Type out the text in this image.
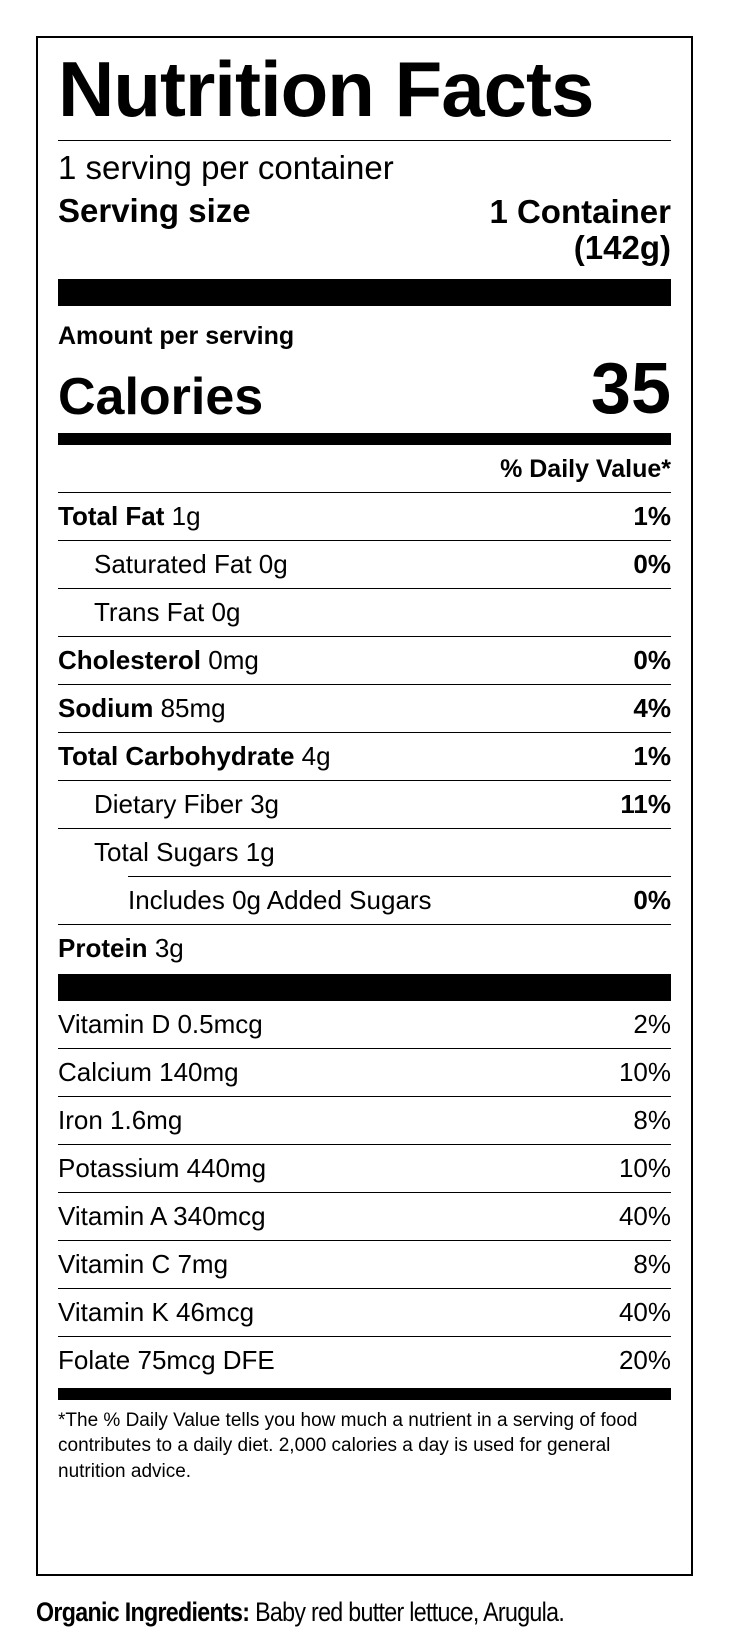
Nutrition Facts
1 serving per container
Serving size	1 Container
(142g)
Amount per serving
Calories	35
% Daily Value*
Total Fat 1g	1%
Saturated Fat 0g	0%
Trans Fat 0g
Cholesterol 0mg	0%
Sodium 85mg	4%
Total Carbohydrate 4g	1%
Dietary Fiber 3g	11%
Total Sugars 1g
Includes 0g Added Sugars	0%
Protein 3g
Vitamin D 0.5mcg	2%
Calcium 140mg	10%
Iron 1.6mg	8%
Potassium 440mg	10%
Vitamin A 340mcg	40%
Vitamin C 7mg	8%
Vitamin K 46mcg	40%
Folate 75mcg DFE	20%
*The % Daily Value tells you how much a nutrient in a serving of food contributes to a daily diet. 2,000 calories a day is used for general nutrition advice.
Organic Ingredients: Baby red butter lettuce, Arugula.
